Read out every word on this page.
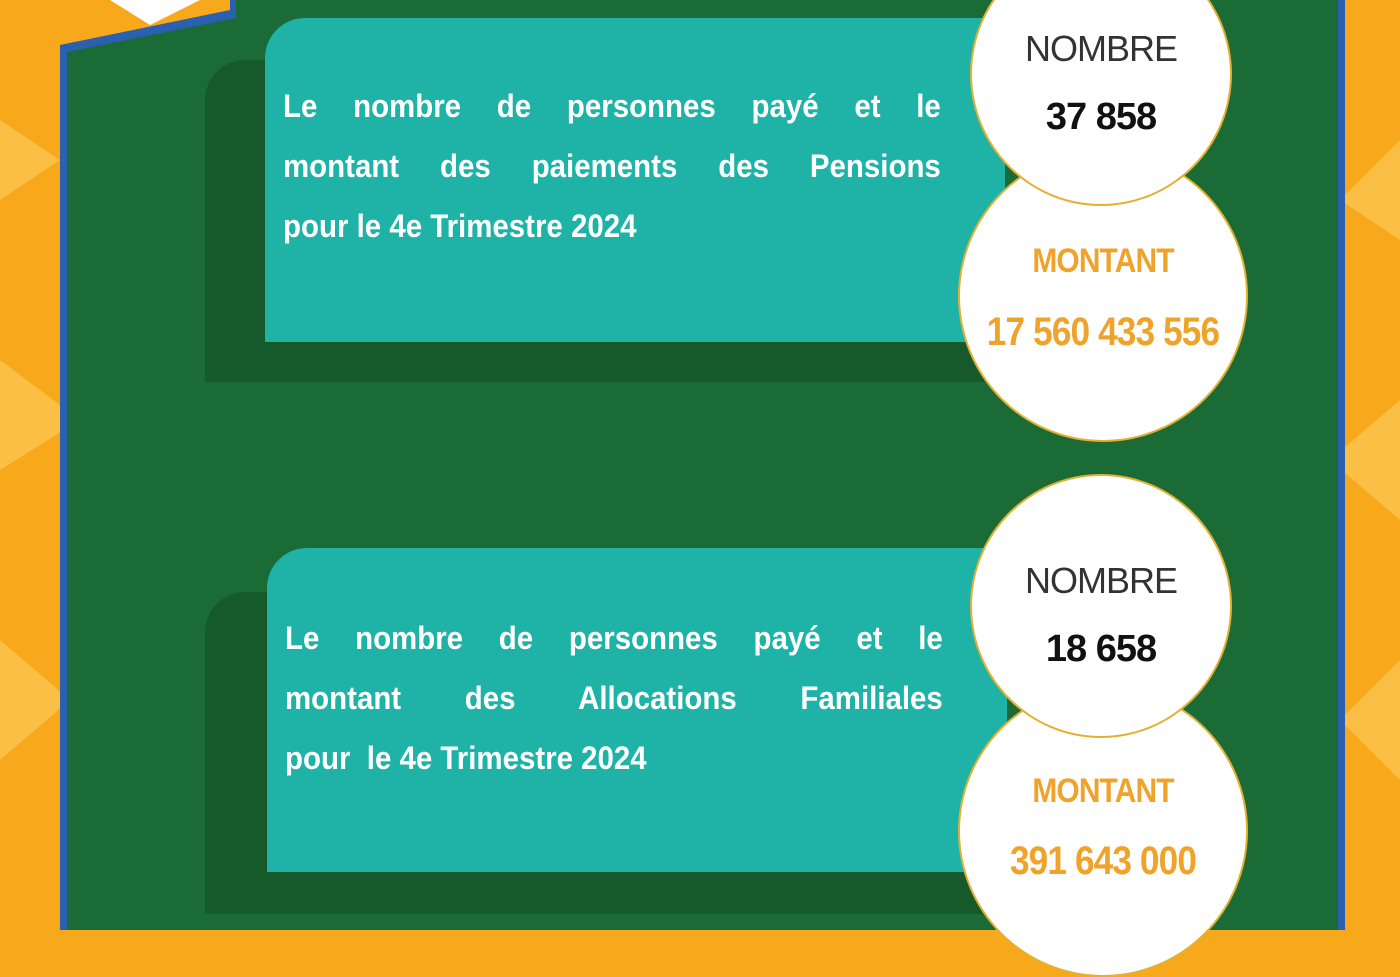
Le nombre de personnes payé et le
montant des paiements des Pensions
pour le 4e Trimestre 2024
MONTANT
17 560 433 556
NOMBRE
37 858
Le nombre de personnes payé et le
montant des Allocations Familiales
pour  le 4e Trimestre 2024
MONTANT
391 643 000
NOMBRE
18 658
